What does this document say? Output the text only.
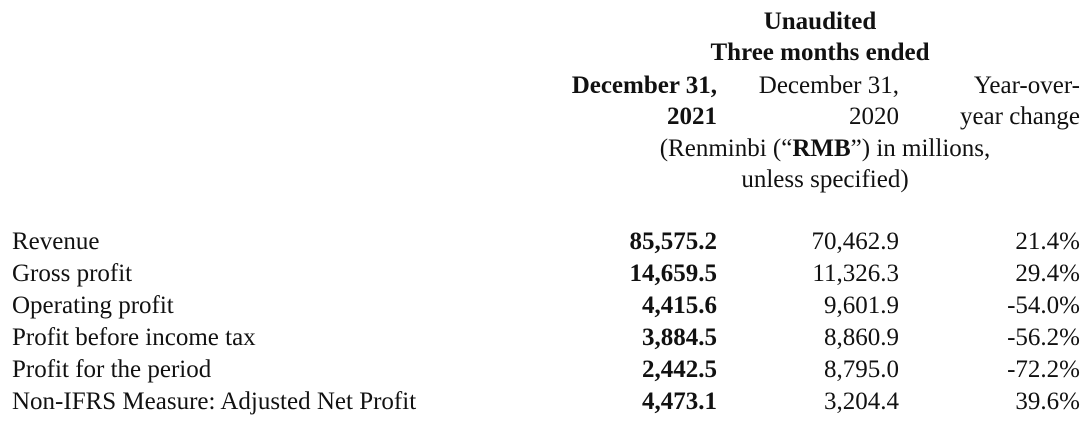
Unaudited
Three months ended
December 31,
2021
December 31,
2020
Year-over-
year change
(Renminbi (“RMB”) in millions,
unless specified)
Revenue	85,575.2	70,462.9	21.4%
Gross profit	14,659.5	11,326.3	29.4%
Operating profit	4,415.6	9,601.9	-54.0%
Profit before income tax	3,884.5	8,860.9	-56.2%
Profit for the period	2,442.5	8,795.0	-72.2%
Non-IFRS Measure: Adjusted Net Profit	4,473.1	3,204.4	39.6%
